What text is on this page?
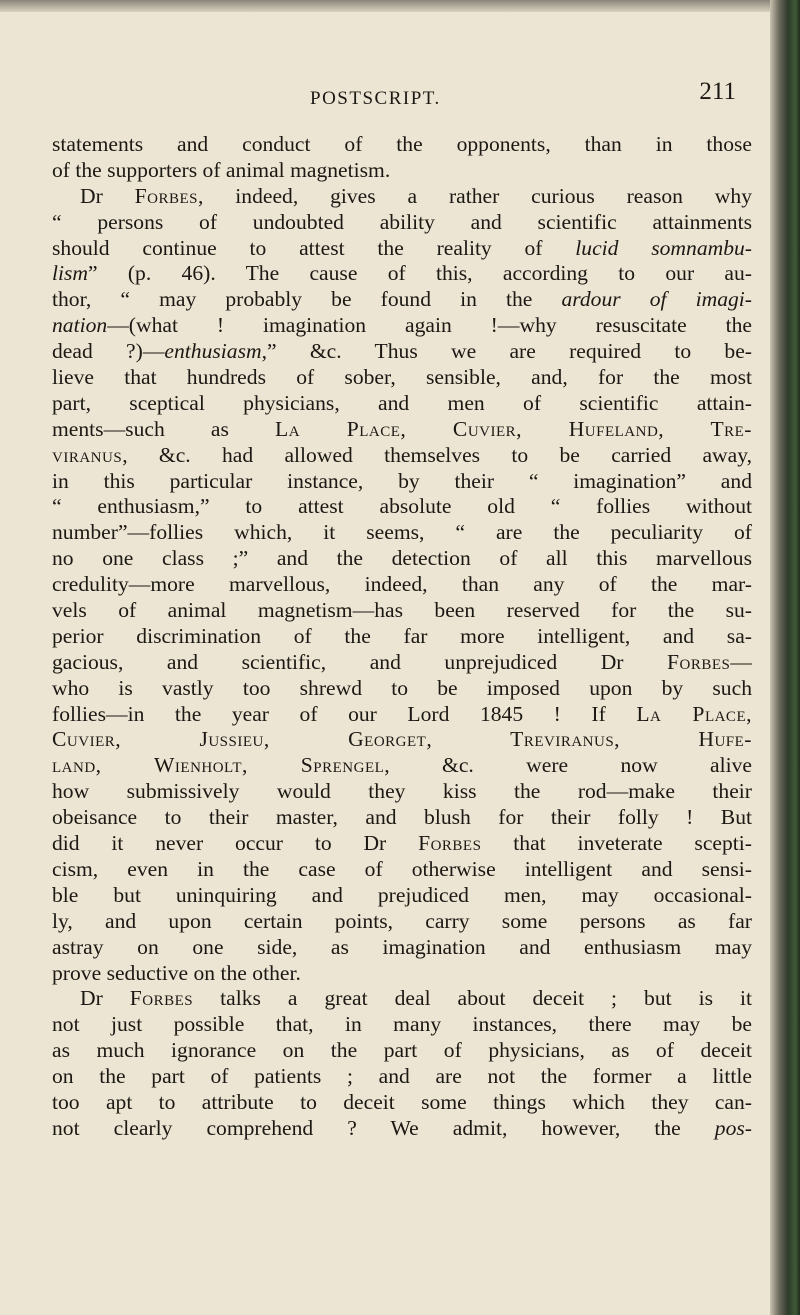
POSTSCRIPT.	211
statements and conduct of the opponents, than in those
of the supporters of animal magnetism.
Dr Forbes, indeed, gives a rather curious reason why
“ persons of undoubted ability and scientific attainments
should continue to attest the reality of lucid somnambu-
lism” (p. 46). The cause of this, according to our au-
thor, “ may probably be found in the ardour of imagi-
nation—(what ! imagination again !—why resuscitate the
dead ?)—enthusiasm,” &c. Thus we are required to be-
lieve that hundreds of sober, sensible, and, for the most
part, sceptical physicians, and men of scientific attain-
ments—such as La Place, Cuvier, Hufeland, Tre-
viranus, &c. had allowed themselves to be carried away,
in this particular instance, by their “ imagination” and
“ enthusiasm,” to attest absolute old “ follies without
number”—follies which, it seems, “ are the peculiarity of
no one class ;” and the detection of all this marvellous
credulity—more marvellous, indeed, than any of the mar-
vels of animal magnetism—has been reserved for the su-
perior discrimination of the far more intelligent, and sa-
gacious, and scientific, and unprejudiced Dr Forbes—
who is vastly too shrewd to be imposed upon by such
follies—in the year of our Lord 1845 ! If La Place,
Cuvier, Jussieu, Georget, Treviranus, Hufe-
land, Wienholt, Sprengel, &c. were now alive
how submissively would they kiss the rod—make their
obeisance to their master, and blush for their folly ! But
did it never occur to Dr Forbes that inveterate scepti-
cism, even in the case of otherwise intelligent and sensi-
ble but uninquiring and prejudiced men, may occasional-
ly, and upon certain points, carry some persons as far
astray on one side, as imagination and enthusiasm may
prove seductive on the other.
Dr Forbes talks a great deal about deceit ; but is it
not just possible that, in many instances, there may be
as much ignorance on the part of physicians, as of deceit
on the part of patients ; and are not the former a little
too apt to attribute to deceit some things which they can-
not clearly comprehend ? We admit, however, the pos-
